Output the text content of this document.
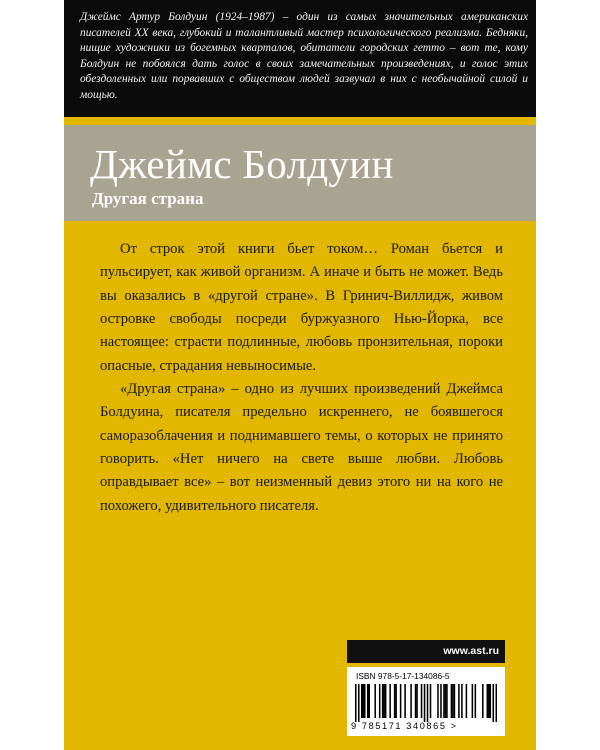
Джеймс Артур Болдуин (1924–1987) – один из самых значительных американских писателей XX века, глубокий и талантливый мастер психологического реализма. Бедняки, нищие художники из богемных кварталов, обитатели городских гетто – вот те, кому Болдуин не побоялся дать голос в своих замечательных произведениях, и голос этих обездоленных или порвавших с обществом людей зазвучал в них с необычайной силой и мощью.

Джеймс Болдуин
Другая страна

От строк этой книги бьет током… Роман бьется и пульсирует, как живой организм. А иначе и быть не может. Ведь вы оказались в «другой стране». В Гринич-Виллидж, живом островке свободы посреди буржуазного Нью-Йорка, все настоящее: страсти подлинные, любовь пронзительная, пороки опасные, страдания невыносимые.

«Другая страна» – одно из лучших произведений Джеймса Болдуина, писателя предельно искреннего, не боявшегося саморазоблачения и поднимавшего темы, о которых не принято говорить. «Нет ничего на свете выше любви. Любовь оправдывает все» – вот неизменный девиз этого ни на кого не похожего, удивительного писателя.

www.ast.ru

ISBN 978-5-17-134086-5

9 785171 340865 >
